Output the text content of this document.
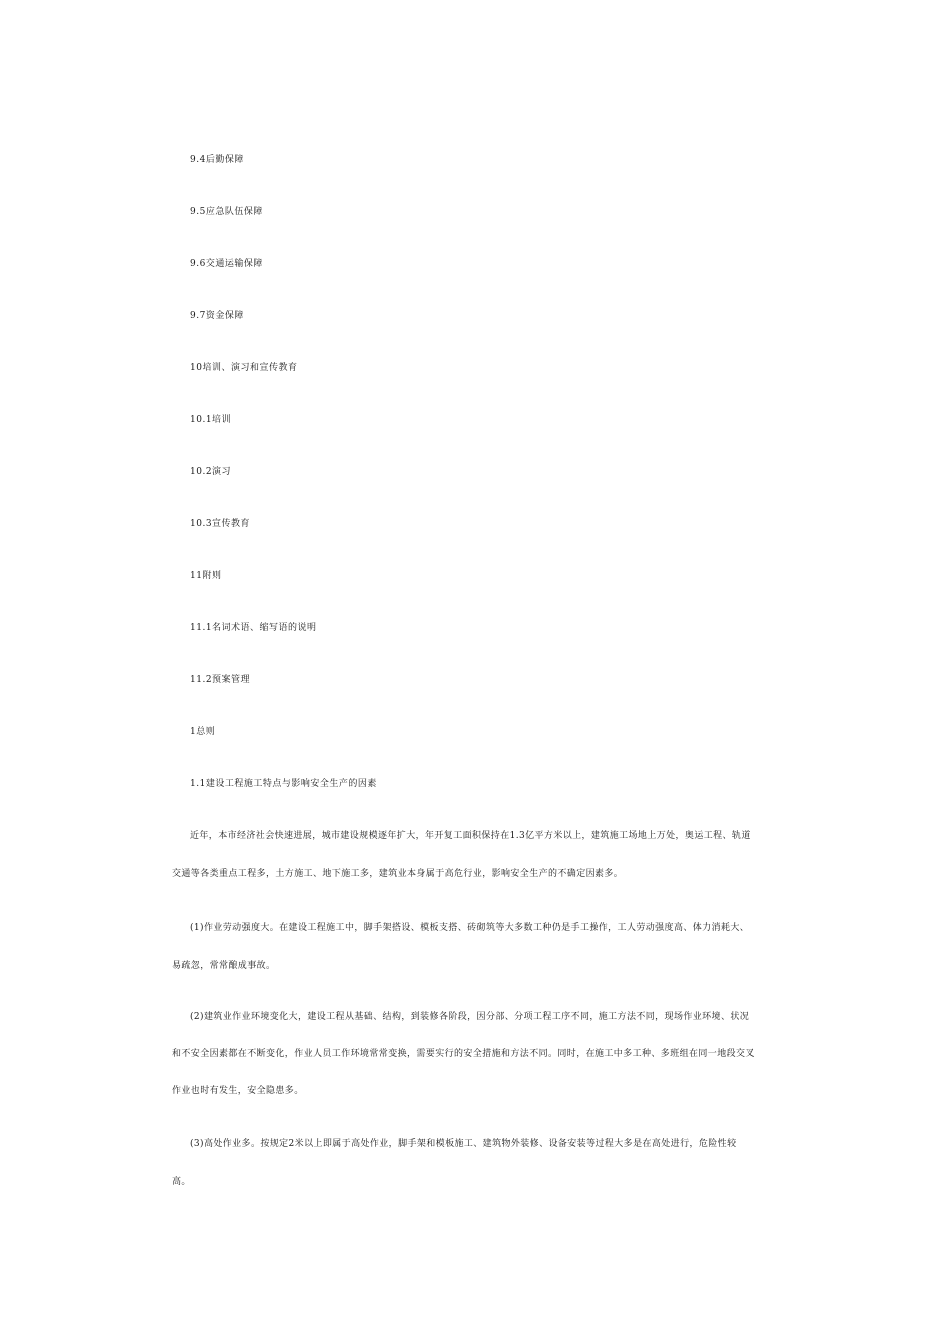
9.4后勤保障
9.5应急队伍保障
9.6交通运输保障
9.7资金保障
10培训、演习和宣传教育
10.1培训
10.2演习
10.3宣传教育
11附则
11.1名词术语、缩写语的说明
11.2预案管理
1总则
1.1建设工程施工特点与影响安全生产的因素
近年，本市经济社会快速进展，城市建设规模逐年扩大，年开复工面积保持在1.3亿平方米以上，建筑施工场地上万处，奥运工程、轨道
交通等各类重点工程多，土方施工、地下施工多，建筑业本身属于高危行业，影响安全生产的不确定因素多。
(1)作业劳动强度大。在建设工程施工中，脚手架搭设、模板支搭、砖砌筑等大多数工种仍是手工操作，工人劳动强度高、体力消耗大、
易疏忽，常常酿成事故。
(2)建筑业作业环境变化大，建设工程从基础、结构，到装修各阶段，因分部、分项工程工序不同，施工方法不同，现场作业环境、状况
和不安全因素都在不断变化，作业人员工作环境常常变换，需要实行的安全措施和方法不同。同时，在施工中多工种、多班组在同一地段交叉
作业也时有发生，安全隐患多。
(3)高处作业多。按规定2米以上即属于高处作业，脚手架和模板施工、建筑物外装修、设备安装等过程大多是在高处进行，危险性较
高。
